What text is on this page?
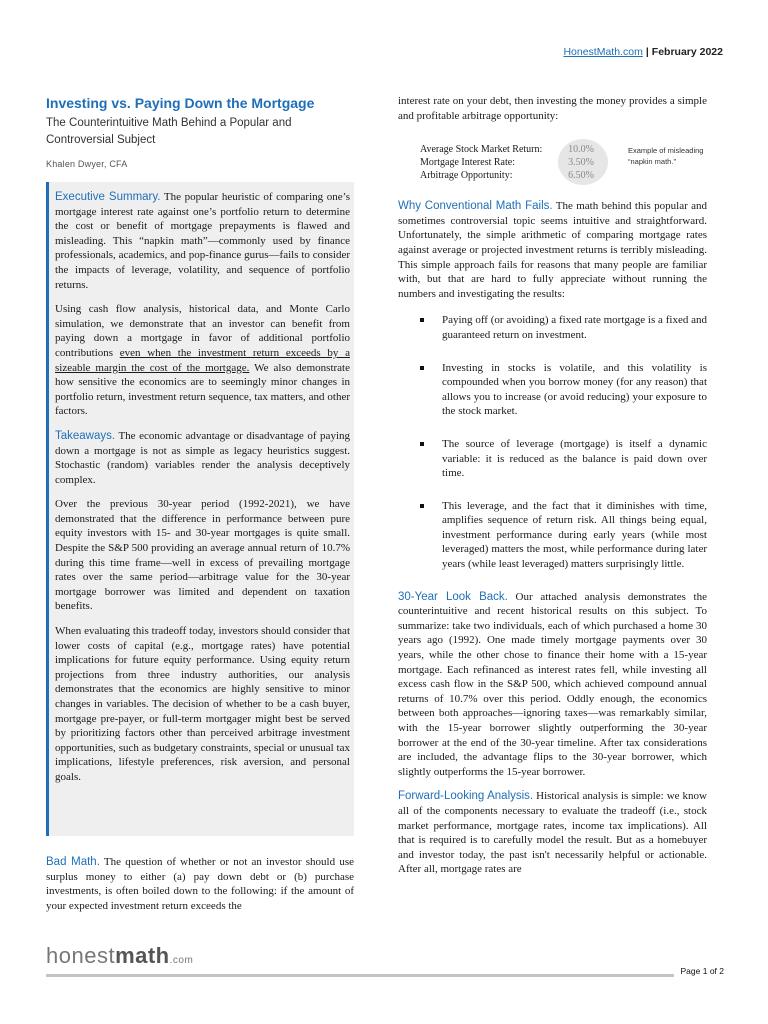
HonestMath.com | February 2022
Investing vs. Paying Down the Mortgage
The Counterintuitive Math Behind a Popular and Controversial Subject
Khalen Dwyer, CFA

Executive Summary. The popular heuristic of comparing one’s mortgage interest rate against one’s portfolio return to determine the cost or benefit of mortgage prepayments is flawed and misleading. This “napkin math”—commonly used by finance professionals, academics, and pop-finance gurus—fails to consider the impacts of leverage, volatility, and sequence of portfolio returns.

Using cash flow analysis, historical data, and Monte Carlo simulation, we demonstrate that an investor can benefit from paying down a mortgage in favor of additional portfolio contributions even when the investment return exceeds by a sizeable margin the cost of the mortgage. We also demonstrate how sensitive the economics are to seemingly minor changes in portfolio return, investment return sequence, tax matters, and other factors.

Takeaways. The economic advantage or disadvantage of paying down a mortgage is not as simple as legacy heuristics suggest. Stochastic (random) variables render the analysis deceptively complex.

Over the previous 30-year period (1992-2021), we have demonstrated that the difference in performance between pure equity investors with 15- and 30-year mortgages is quite small. Despite the S&P 500 providing an average annual return of 10.7% during this time frame—well in excess of prevailing mortgage rates over the same period—arbitrage value for the 30-year mortgage borrower was limited and dependent on taxation benefits.

When evaluating this tradeoff today, investors should consider that lower costs of capital (e.g., mortgage rates) have potential implications for future equity performance. Using equity return projections from three industry authorities, our analysis demonstrates that the economics are highly sensitive to minor changes in variables. The decision of whether to be a cash buyer, mortgage pre-payer, or full-term mortgager might best be served by prioritizing factors other than perceived arbitrage investment opportunities, such as budgetary constraints, special or unusual tax implications, lifestyle preferences, risk aversion, and personal goals.

Bad Math. The question of whether or not an investor should use surplus money to either (a) pay down debt or (b) purchase investments, is often boiled down to the following: if the amount of your expected investment return exceeds the

interest rate on your debt, then investing the money provides a simple and profitable arbitrage opportunity:

Average Stock Market Return:	10.0%
Mortgage Interest Rate:	3.50%
Arbitrage Opportunity:	6.50%
Example of misleading “napkin math.”

Why Conventional Math Fails. The math behind this popular and sometimes controversial topic seems intuitive and straightforward. Unfortunately, the simple arithmetic of comparing mortgage rates against average or projected investment returns is terribly misleading. This simple approach fails for reasons that many people are familiar with, but that are hard to fully appreciate without running the numbers and investigating the results:

Paying off (or avoiding) a fixed rate mortgage is a fixed and guaranteed return on investment.
Investing in stocks is volatile, and this volatility is compounded when you borrow money (for any reason) that allows you to increase (or avoid reducing) your exposure to the stock market.
The source of leverage (mortgage) is itself a dynamic variable: it is reduced as the balance is paid down over time.
This leverage, and the fact that it diminishes with time, amplifies sequence of return risk. All things being equal, investment performance during early years (while most leveraged) matters the most, while performance during later years (while least leveraged) matters surprisingly little.

30-Year Look Back. Our attached analysis demonstrates the counterintuitive and recent historical results on this subject. To summarize: take two individuals, each of which purchased a home 30 years ago (1992). One made timely mortgage payments over 30 years, while the other chose to finance their home with a 15-year mortgage. Each refinanced as interest rates fell, while investing all excess cash flow in the S&P 500, which achieved compound annual returns of 10.7% over this period. Oddly enough, the economics between both approaches—ignoring taxes—was remarkably similar, with the 15-year borrower slightly outperforming the 30-year borrower at the end of the 30-year timeline. After tax considerations are included, the advantage flips to the 30-year borrower, which slightly outperforms the 15-year borrower.

Forward-Looking Analysis. Historical analysis is simple: we know all of the components necessary to evaluate the tradeoff (i.e., stock market performance, mortgage rates, income tax implications). All that is required is to carefully model the result. But as a homebuyer and investor today, the past isn't necessarily helpful or actionable. After all, mortgage rates are

honestmath.com
Page 1 of 2
